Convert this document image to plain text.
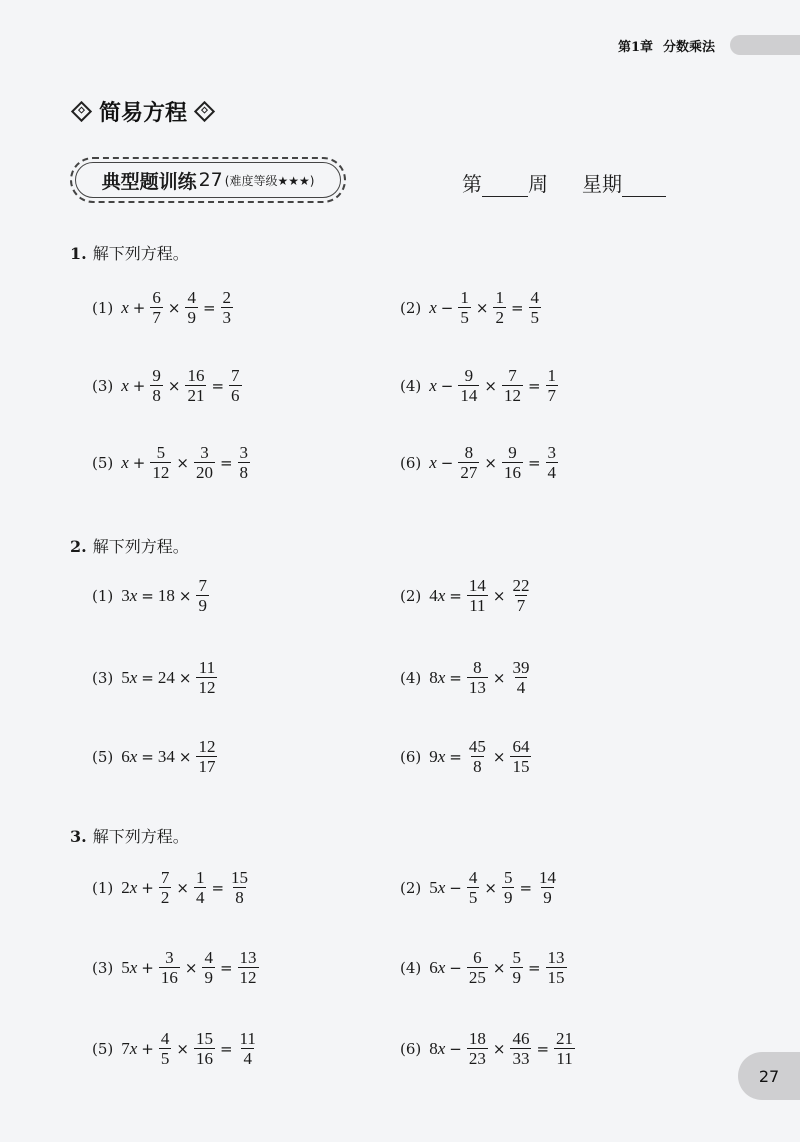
第1章 分数乘法
简易方程
典型题训练 27 (难度等级★★★)	第 周 星期
1. 解下列方程。
2. 解下列方程。
3. 解下列方程。
(1) $x + \frac{6}{7} \times \frac{4}{9} = \frac{2}{3}$	(2) $x - \frac{1}{5} \times \frac{1}{2} = \frac{4}{5}$
(3) $x + \frac{9}{8} \times \frac{16}{21} = \frac{7}{6}$	(4) $x - \frac{9}{14} \times \frac{7}{12} = \frac{1}{7}$
(5) $x + \frac{5}{12} \times \frac{3}{20} = \frac{3}{8}$	(6) $x - \frac{8}{27} \times \frac{9}{16} = \frac{3}{4}$
(1) 3 $x = 18 \times \frac{7}{9}$	(2) 4 $x = \frac{14}{11} \times \frac{22}{7}$
(3) 5 $x = 24 \times \frac{11}{12}$	(4) 8 $x = \frac{8}{13} \times \frac{39}{4}$
(5) 6 $x = 34 \times \frac{12}{17}$	(6) 9 $x = \frac{45}{8} \times \frac{64}{15}$
(1) 2 $x + \frac{7}{2} \times \frac{1}{4} = \frac{15}{8}$	(2) 5 $x - \frac{4}{5} \times \frac{5}{9} = \frac{14}{9}$
(3) 5 $x + \frac{3}{16} \times \frac{4}{9} = \frac{13}{12}$	(4) 6 $x - \frac{6}{25} \times \frac{5}{9} = \frac{13}{15}$
(5) 7 $x + \frac{4}{5} \times \frac{15}{16} = \frac{11}{4}$	(6) 8 $x - \frac{18}{23} \times \frac{46}{33} = \frac{21}{11}$
27
